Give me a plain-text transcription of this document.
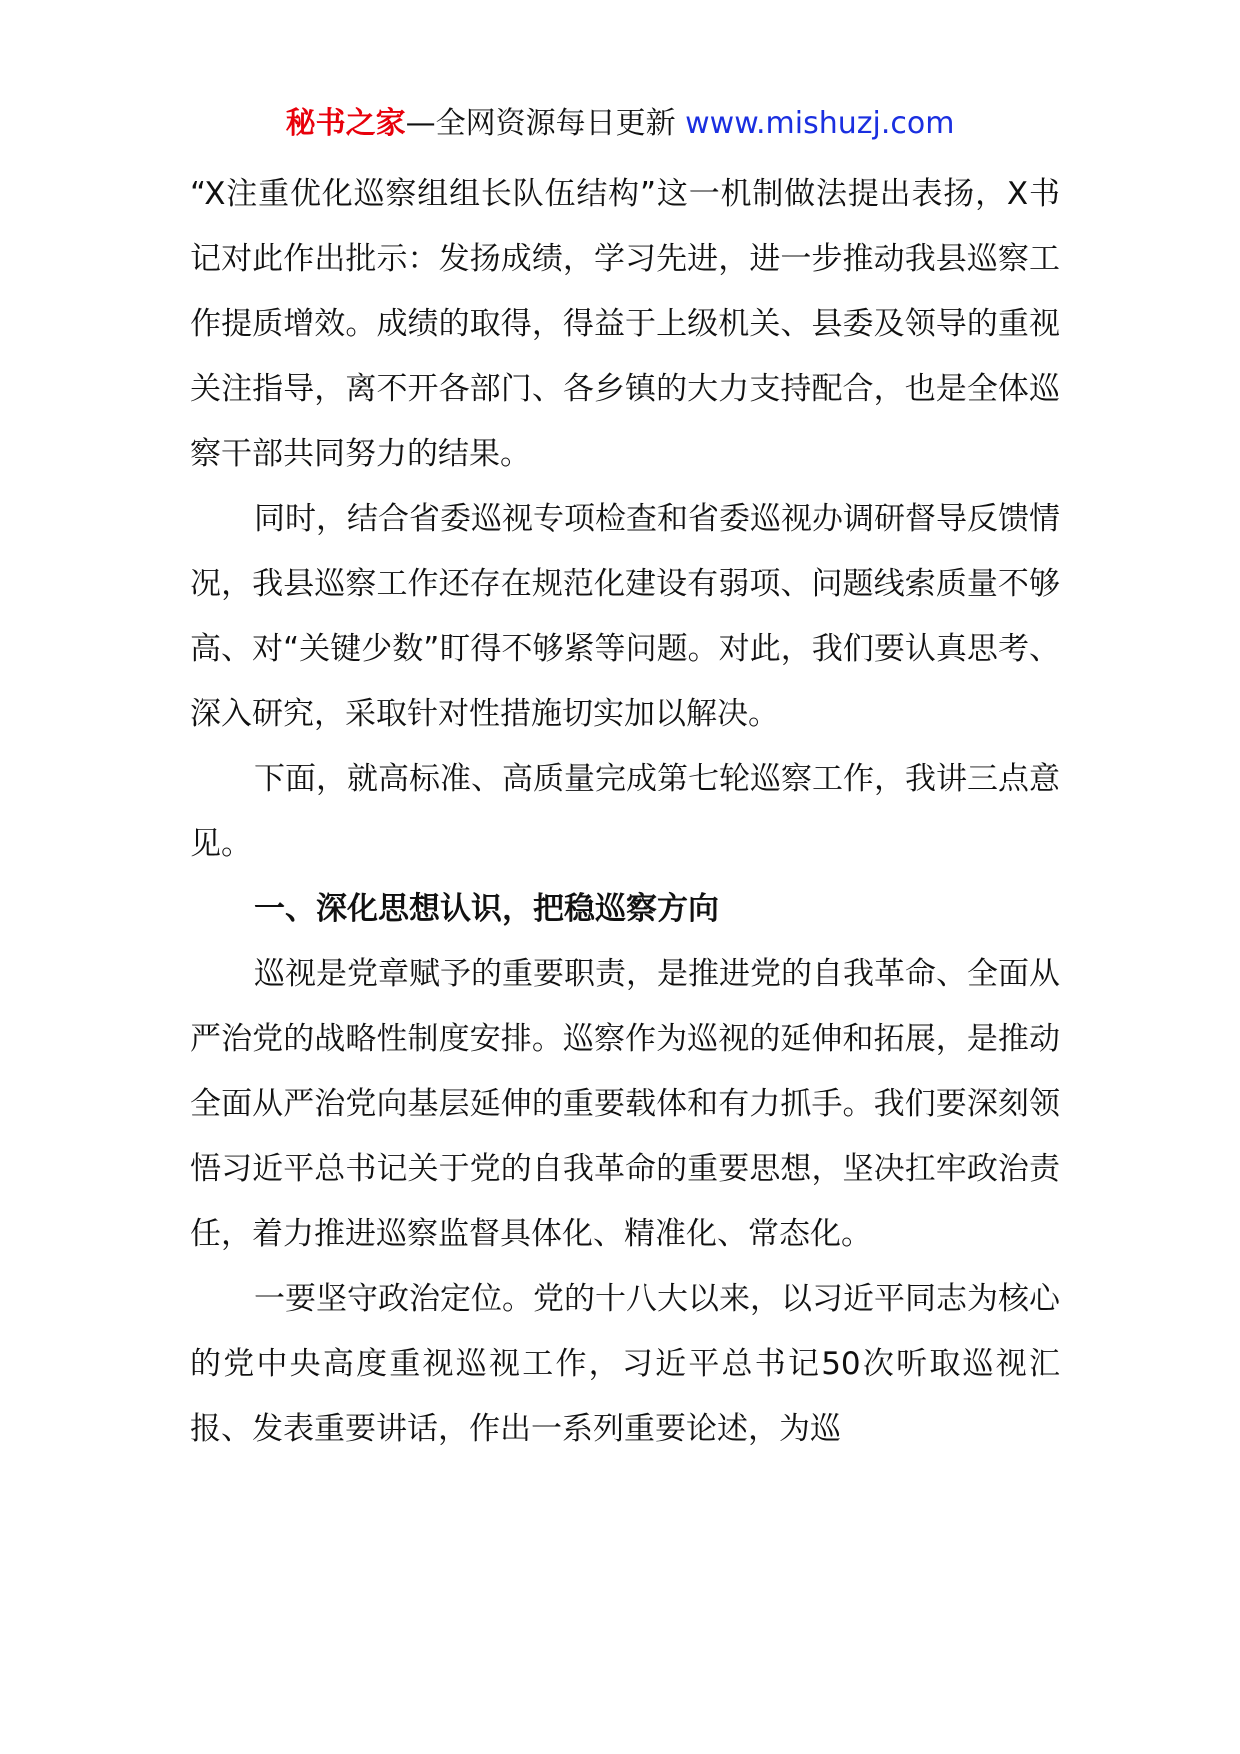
秘书之家—全网资源每日更新 www.mishuzj.com

“X注重优化巡察组组长队伍结构”这一机制做法提出表扬，X书记对此作出批示：发扬成绩，学习先进，进一步推动我县巡察工作提质增效。成绩的取得，得益于上级机关、县委及领导的重视关注指导，离不开各部门、各乡镇的大力支持配合，也是全体巡察干部共同努力的结果。

同时，结合省委巡视专项检查和省委巡视办调研督导反馈情况，我县巡察工作还存在规范化建设有弱项、问题线索质量不够高、对“关键少数”盯得不够紧等问题。对此，我们要认真思考、深入研究，采取针对性措施切实加以解决。

下面，就高标准、高质量完成第七轮巡察工作，我讲三点意见。

一、深化思想认识，把稳巡察方向

巡视是党章赋予的重要职责，是推进党的自我革命、全面从严治党的战略性制度安排。巡察作为巡视的延伸和拓展，是推动全面从严治党向基层延伸的重要载体和有力抓手。我们要深刻领悟习近平总书记关于党的自我革命的重要思想，坚决扛牢政治责任，着力推进巡察监督具体化、精准化、常态化。

一要坚守政治定位。党的十八大以来，以习近平同志为核心的党中央高度重视巡视工作，习近平总书记50次听取巡视汇报、发表重要讲话，作出一系列重要论述，为巡
